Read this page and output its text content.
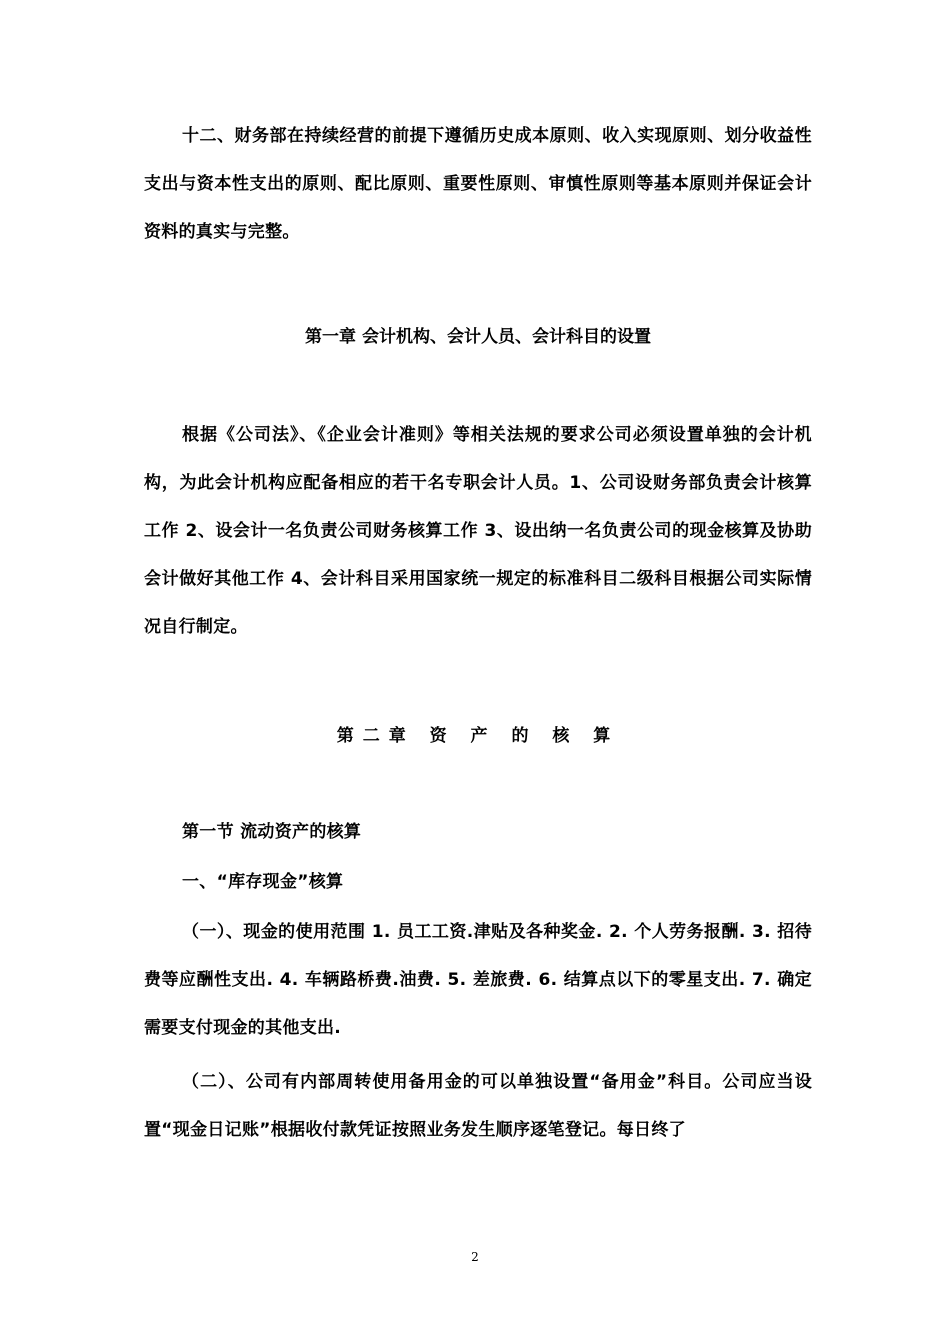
十二、财务部在持续经营的前提下遵循历史成本原则、收入实现原则、划分收益性支出与资本性支出的原则、配比原则、重要性原则、审慎性原则等基本原则并保证会计资料的真实与完整。

第一章 会计机构、会计人员、会计科目的设置

根据《公司法》、《企业会计准则》等相关法规的要求公司必须设置单独的会计机构，为此会计机构应配备相应的若干名专职会计人员。1、公司设财务部负责会计核算工作 2、设会计一名负责公司财务核算工作 3、设出纳一名负责公司的现金核算及协助会计做好其他工作 4、会计科目采用国家统一规定的标准科目二级科目根据公司实际情况自行制定。

第二章 资 产 的 核 算

第一节 流动资产的核算

一、“库存现金”核算

（一）、现金的使用范围 1. 员工工资.津贴及各种奖金. 2. 个人劳务报酬. 3. 招待费等应酬性支出. 4. 车辆路桥费.油费. 5. 差旅费. 6. 结算点以下的零星支出. 7. 确定需要支付现金的其他支出.

（二）、公司有内部周转使用备用金的可以单独设置“备用金”科目。公司应当设置“现金日记账”根据收付款凭证按照业务发生顺序逐笔登记。每日终了

2
